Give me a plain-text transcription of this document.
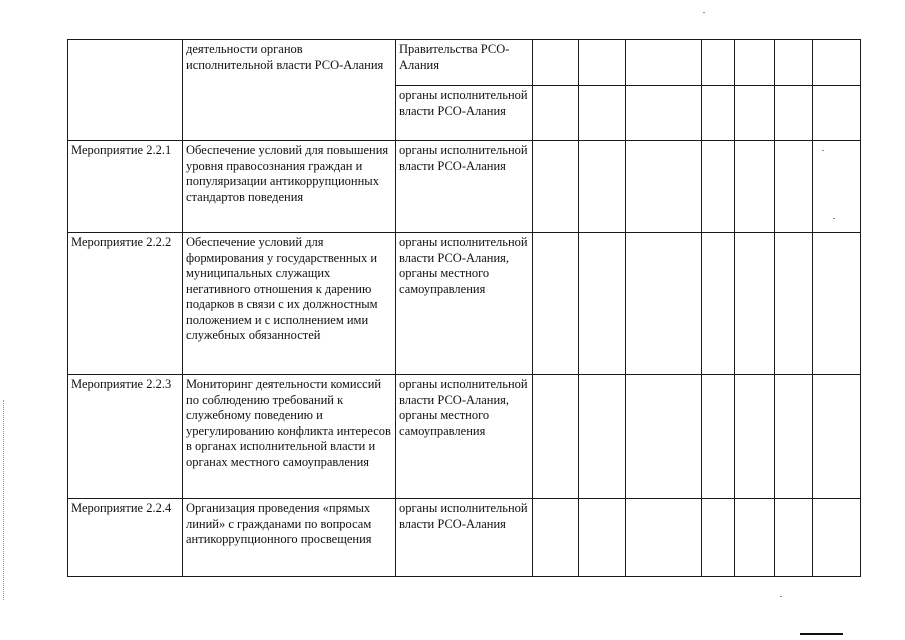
	деятельности органов исполнительной власти РСО-Алания	Правительства РСО-Алания							
		органы исполнительной власти РСО-Алания							
Мероприятие 2.2.1	Обеспечение условий для повышения уровня правосознания граждан и популяризации антикоррупционных стандартов поведения	органы исполнительной власти РСО-Алания							
Мероприятие 2.2.2	Обеспечение условий для формирования у государственных и муниципальных служащих негативного отношения к дарению подарков в связи с их должностным положением и с исполнением ими служебных обязанностей	органы исполнительной власти РСО-Алания, органы местного самоуправления							
Мероприятие 2.2.3	Мониторинг деятельности комиссий по соблюдению требований к служебному поведению и урегулированию конфликта интересов в органах исполнительной власти и органах местного самоуправления	органы исполнительной власти РСО-Алания, органы местного самоуправления							
Мероприятие 2.2.4	Организация проведения «прямых линий» с гражданами по вопросам антикоррупционного просвещения	органы исполнительной власти РСО-Алания							
